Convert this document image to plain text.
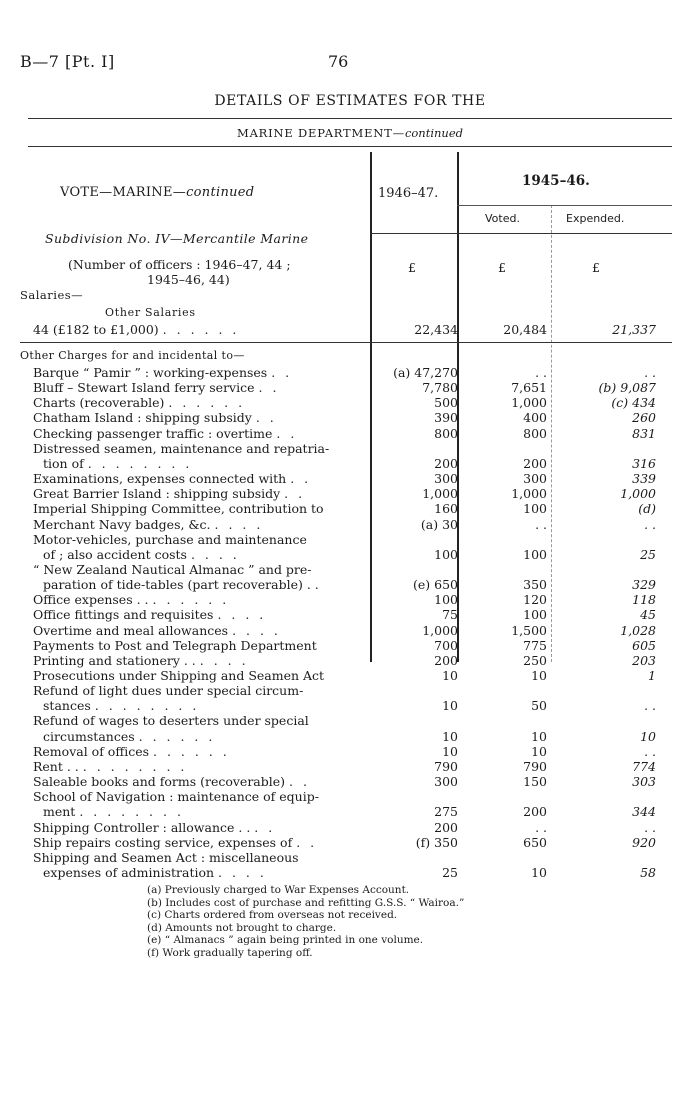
B—7 [Pt. I]	76
DETAILS OF ESTIMATES FOR THE
MARINE DEPARTMENT—continued
VOTE—MARINE—continued	1946–47.
1945–46.
Voted.	Expended.
Subdivision No. IV—Mercantile Marine
(Number of officers : 1946–47, 44 ;
1945–46, 44)
£	£	£
Salaries—
Other Salaries
44 (£182 to £1,000) . . . . . .	22,434	20,484	21,337
Other Charges for and incidental to—
Barque “ Pamir ” : working-expenses . .	(a) 47,270	. .	. .
Bluff – Stewart Island ferry service . .	7,780	7,651	(b) 9,087
Charts (recoverable) . . . . . .	500	1,000	(c) 434
Chatham Island : shipping subsidy . .	390	400	260
Checking passenger traffic : overtime . .	800	800	831
Distressed seamen, maintenance and repatria-
tion of . . . . . . . .	200	200	316
Examinations, expenses connected with . .	300	300	339
Great Barrier Island : shipping subsidy . .	1,000	1,000	1,000
Imperial Shipping Committee, contribution to	160	100	(d)
Merchant Navy badges, &c. . . . .	(a) 30	. .	. .
Motor-vehicles, purchase and maintenance
of ; also accident costs . . . .	100	100	25
“ New Zealand Nautical Almanac ” and pre-
paration of tide-tables (part recoverable) . .	(e) 650	350	329
Office expenses . . . . . . . .	100	120	118
Office fittings and requisites . . . .	75	100	45
Overtime and meal allowances . . . .	1,000	1,500	1,028
Payments to Post and Telegraph Department	700	775	605
Printing and stationery . . . . . .	200	250	203
Prosecutions under Shipping and Seamen Act	10	10	1
Refund of light dues under special circum-
stances . . . . . . . .	10	50	. .
Refund of wages to deserters under special
circumstances . . . . . .	10	10	10
Removal of offices . . . . . .	10	10	. .
Rent . . . . . . . . . .	790	790	774
Saleable books and forms (recoverable) . .	300	150	303
School of Navigation : maintenance of equip-
ment . . . . . . . .	275	200	344
Shipping Controller : allowance . . . .	200	. .	. .
Ship repairs costing service, expenses of . .	(f) 350	650	920
Shipping and Seamen Act : miscellaneous
expenses of administration . . . .	25	10	58
(a) Previously charged to War Expenses Account.
(b) Includes cost of purchase and refitting G.S.S. “ Wairoa.”
(c) Charts ordered from overseas not received.
(d) Amounts not brought to charge.
(e) “ Almanacs ” again being printed in one volume.
(f) Work gradually tapering off.
